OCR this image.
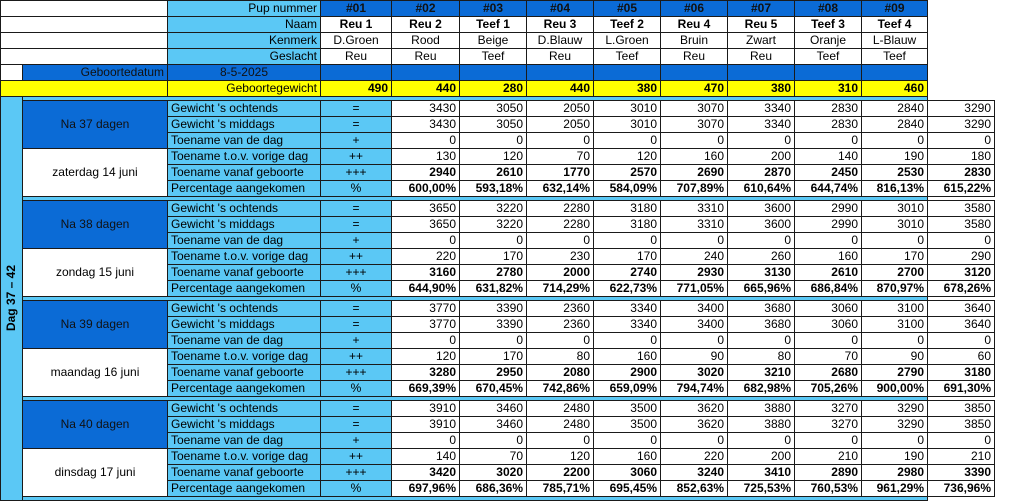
		Pup nummer	#01	#02	#03	#04	#05	#06	#07	#08	#09	
		Naam	Reu 1	Reu 2	Teef 1	Reu 3	Teef 2	Reu 4	Reu 5	Teef 3	Teef 4	
		Kenmerk	D.Groen	Rood	Beige	D.Blauw	L.Groen	Bruin	Zwart	Oranje	L-Blauw	
		Geslacht	Reu	Reu	Teef	Reu	Teef	Reu	Reu	Teef	Teef	
	Geboortedatum	8-5-2025										
		Geboortegewicht	490	440	280	440	380	470	380	310	460	

Dag 37 – 42												

	Na 37 dagen	Gewicht 's ochtends	=	3430	3050	2050	3010	3070	3340	2830	2840	3290
		Gewicht 's middags	=	3430	3050	2050	3010	3070	3340	2830	2840	3290
		Toename van de dag	+	0	0	0	0	0	0	0	0	0
	zaterdag 14 juni	Toename t.o.v. vorige dag	++	130	120	70	120	160	200	140	190	180
		Toename vanaf geboorte	+++	2940	2610	1770	2570	2690	2870	2450	2530	2830
		Percentage aangekomen	%	600,00%	593,18%	632,14%	584,09%	707,89%	610,64%	644,74%	816,13%	615,22%

	Na 38 dagen	Gewicht 's ochtends	=	3650	3220	2280	3180	3310	3600	2990	3010	3580
		Gewicht 's middags	=	3650	3220	2280	3180	3310	3600	2990	3010	3580
		Toename van de dag	+	0	0	0	0	0	0	0	0	0
	zondag 15 juni	Toename t.o.v. vorige dag	++	220	170	230	170	240	260	160	170	290
		Toename vanaf geboorte	+++	3160	2780	2000	2740	2930	3130	2610	2700	3120
		Percentage aangekomen	%	644,90%	631,82%	714,29%	622,73%	771,05%	665,96%	686,84%	870,97%	678,26%

	Na 39 dagen	Gewicht 's ochtends	=	3770	3390	2360	3340	3400	3680	3060	3100	3640
		Gewicht 's middags	=	3770	3390	2360	3340	3400	3680	3060	3100	3640
		Toename van de dag	+	0	0	0	0	0	0	0	0	0
	maandag 16 juni	Toename t.o.v. vorige dag	++	120	170	80	160	90	80	70	90	60
		Toename vanaf geboorte	+++	3280	2950	2080	2900	3020	3210	2680	2790	3180
		Percentage aangekomen	%	669,39%	670,45%	742,86%	659,09%	794,74%	682,98%	705,26%	900,00%	691,30%

	Na 40 dagen	Gewicht 's ochtends	=	3910	3460	2480	3500	3620	3880	3270	3290	3850
		Gewicht 's middags	=	3910	3460	2480	3500	3620	3880	3270	3290	3850
		Toename van de dag	+	0	0	0	0	0	0	0	0	0
	dinsdag 17 juni	Toename t.o.v. vorige dag	++	140	70	120	160	220	200	210	190	210
		Toename vanaf geboorte	+++	3420	3020	2200	3060	3240	3410	2890	2980	3390
		Percentage aangekomen	%	697,96%	686,36%	785,71%	695,45%	852,63%	725,53%	760,53%	961,29%	736,96%
